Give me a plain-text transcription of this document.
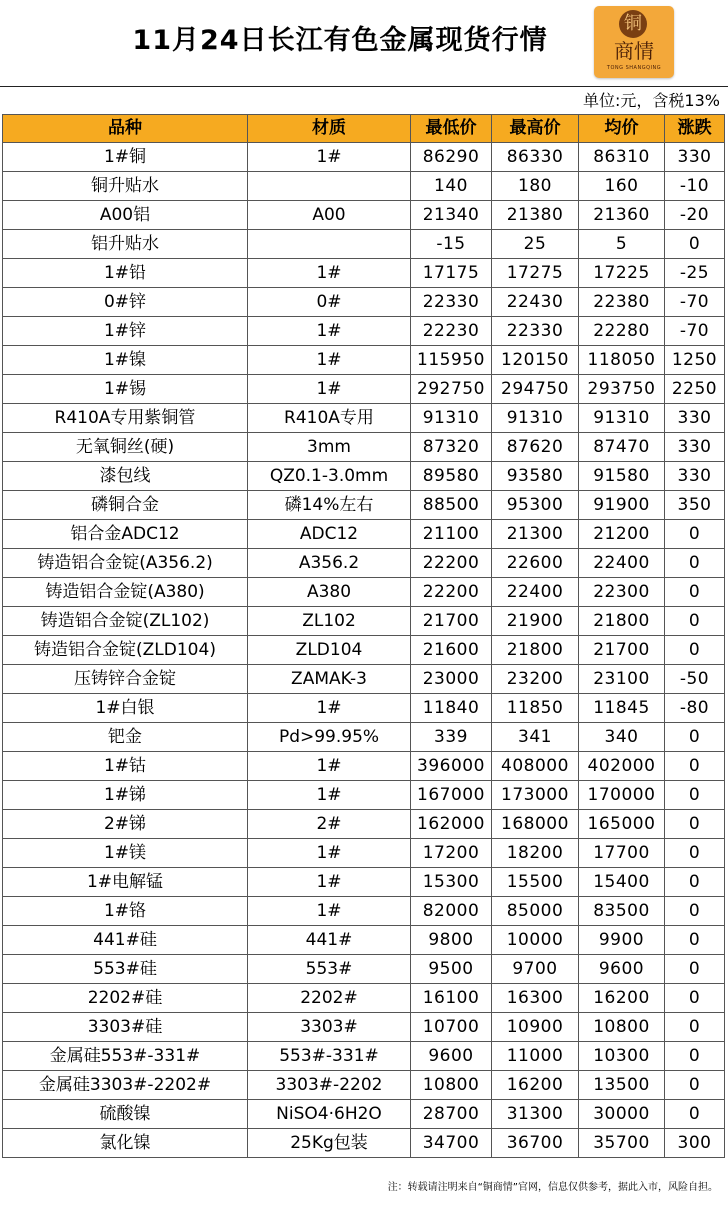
11月24日长江有色金属现货行情
铜
商情
TONG SHANGQING
单位:元，含税13%
品种	材质	最低价	最高价	均价	涨跌
1#铜	1#	86290	86330	86310	330
铜升贴水		140	180	160	-10
A00铝	A00	21340	21380	21360	-20
铝升贴水		-15	25	5	0
1#铅	1#	17175	17275	17225	-25
0#锌	0#	22330	22430	22380	-70
1#锌	1#	22230	22330	22280	-70
1#镍	1#	115950	120150	118050	1250
1#锡	1#	292750	294750	293750	2250
R410A专用紫铜管	R410A专用	91310	91310	91310	330
无氧铜丝(硬)	3mm	87320	87620	87470	330
漆包线	QZ0.1-3.0mm	89580	93580	91580	330
磷铜合金	磷14%左右	88500	95300	91900	350
铝合金ADC12	ADC12	21100	21300	21200	0
铸造铝合金锭(A356.2)	A356.2	22200	22600	22400	0
铸造铝合金锭(A380)	A380	22200	22400	22300	0
铸造铝合金锭(ZL102)	ZL102	21700	21900	21800	0
铸造铝合金锭(ZLD104)	ZLD104	21600	21800	21700	0
压铸锌合金锭	ZAMAK-3	23000	23200	23100	-50
1#白银	1#	11840	11850	11845	-80
钯金	Pd>99.95%	339	341	340	0
1#钴	1#	396000	408000	402000	0
1#锑	1#	167000	173000	170000	0
2#锑	2#	162000	168000	165000	0
1#镁	1#	17200	18200	17700	0
1#电解锰	1#	15300	15500	15400	0
1#铬	1#	82000	85000	83500	0
441#硅	441#	9800	10000	9900	0
553#硅	553#	9500	9700	9600	0
2202#硅	2202#	16100	16300	16200	0
3303#硅	3303#	10700	10900	10800	0
金属硅553#-331#	553#-331#	9600	11000	10300	0
金属硅3303#-2202#	3303#-2202	10800	16200	13500	0
硫酸镍	NiSO4·6H2O	28700	31300	30000	0
氯化镍	25Kg包装	34700	36700	35700	300
注：转载请注明来自“铜商情”官网，信息仅供参考，据此入市，风险自担。
